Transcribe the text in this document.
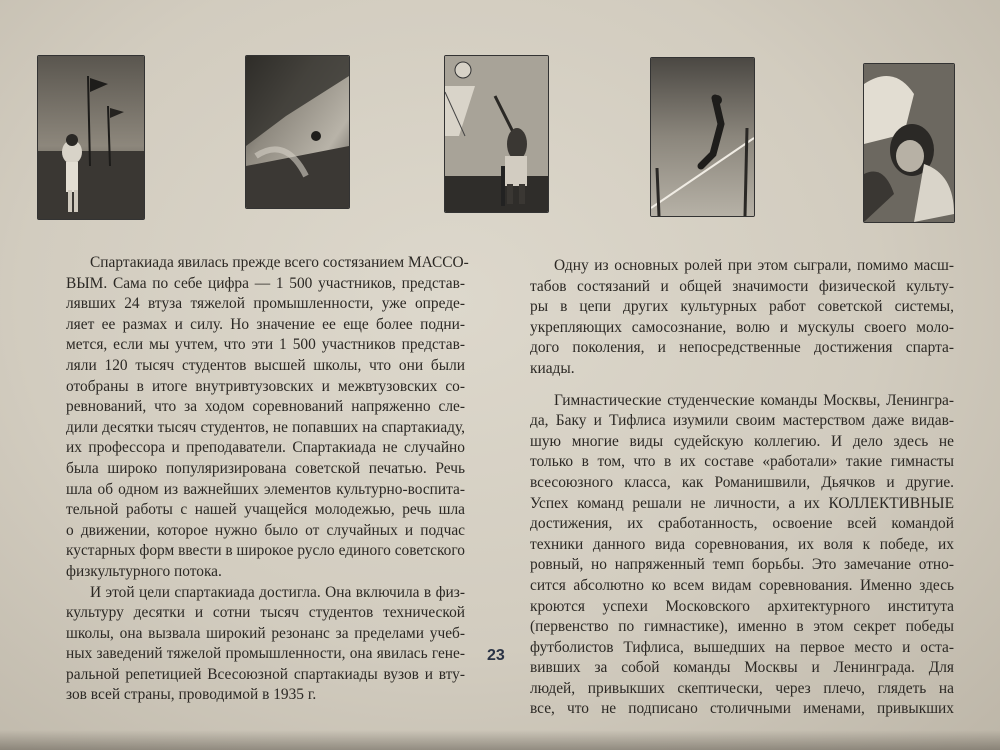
Спартакиада явилась прежде всего состязанием МАССО-
ВЫМ. Сама по себе цифра — 1 500 участников, представ-
лявших 24 втуза тяжелой промышленности, уже опреде-
ляет ее размах и силу. Но значение ее еще более подни-
мется, если мы учтем, что эти 1 500 участников представ-
ляли 120 тысяч студентов высшей школы, что они были
отобраны в итоге внутривтузовских и межвтузовских со-
ревнований, что за ходом соревнований напряженно сле-
дили десятки тысяч студентов, не попавших на спартакиаду,
их профессора и преподаватели. Спартакиада не случайно
была широко популяризирована советской печатью. Речь
шла об одном из важнейших элементов культурно-воспита-
тельной работы с нашей учащейся молодежью, речь шла
о движении, которое нужно было от случайных и подчас
кустарных форм ввести в широкое русло единого советского
физкультурного потока.
И этой цели спартакиада достигла. Она включила в физ-
культуру десятки и сотни тысяч студентов технической
школы, она вызвала широкий резонанс за пределами учеб-
ных заведений тяжелой промышленности, она явилась гене-
ральной репетицией Всесоюзной спартакиады вузов и вту-
зов всей страны, проводимой в 1935 г.
23
Одну из основных ролей при этом сыграли, помимо масш-
табов состязаний и общей значимости физической культу-
ры в цепи других культурных работ советской системы,
укрепляющих самосознание, волю и мускулы своего моло-
дого поколения, и непосредственные достижения спарта-
киады.
Гимнастические студенческие команды Москвы, Ленингра-
да, Баку и Тифлиса изумили своим мастерством даже видав-
шую многие виды судейскую коллегию. И дело здесь не
только в том, что в их составе «работали» такие гимнасты
всесоюзного класса, как Романишвили, Дьячков и другие.
Успех команд решали не личности, а их КОЛЛЕКТИВНЫЕ
достижения, их сработанность, освоение всей командой
техники данного вида соревнования, их воля к победе, их
ровный, но напряженный темп борьбы. Это замечание отно-
сится абсолютно ко всем видам соревнования. Именно здесь
кроются успехи Московского архитектурного института
(первенство по гимнастике), именно в этом секрет победы
футболистов Тифлиса, вышедших на первое место и оста-
вивших за собой команды Москвы и Ленинграда. Для
людей, привыкших скептически, через плечо, глядеть на
все, что не подписано столичными именами, привыкших
